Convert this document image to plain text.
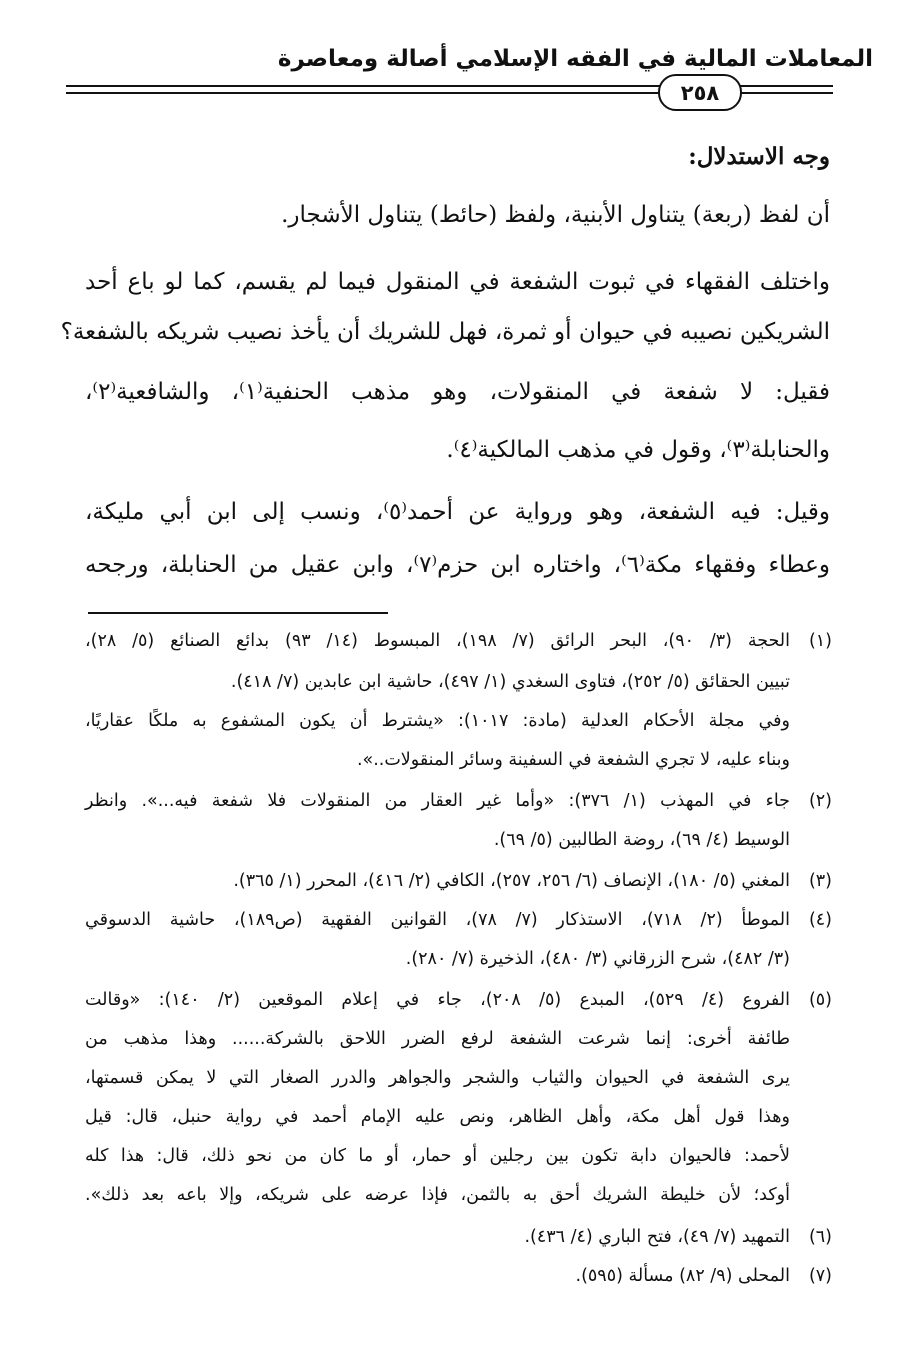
المعاملات المالية في الفقه الإسلامي أصالة ومعاصرة
٢٥٨
وجه الاستدلال:
أن لفظ (ربعة) يتناول الأبنية، ولفظ (حائط) يتناول الأشجار.
واختلف الفقهاء في ثبوت الشفعة في المنقول فيما لم يقسم، كما لو باع أحد
الشريكين نصيبه في حيوان أو ثمرة، فهل للشريك أن يأخذ نصيب شريكه بالشفعة؟
فقيل: لا شفعة في المنقولات، وهو مذهب الحنفية⁽١⁾، والشافعية⁽٢⁾،
والحنابلة⁽٣⁾، وقول في مذهب المالكية⁽٤⁾.
وقيل: فيه الشفعة، وهو ورواية عن أحمد⁽٥⁾، ونسب إلى ابن أبي مليكة،
وعطاء وفقهاء مكة⁽٦⁾، واختاره ابن حزم⁽٧⁾، وابن عقيل من الحنابلة، ورجحه
(١)
الحجة (٣/ ٩٠)، البحر الرائق (٧/ ١٩٨)، المبسوط (١٤/ ٩٣) بدائع الصنائع (٥/ ٢٨)،
تبيين الحقائق (٥/ ٢٥٢)، فتاوى السغدي (١/ ٤٩٧)، حاشية ابن عابدين (٧/ ٤١٨).
وفي مجلة الأحكام العدلية (مادة: ١٠١٧): «يشترط أن يكون المشفوع به ملكًا عقاريًا،
وبناء عليه، لا تجري الشفعة في السفينة وسائر المنقولات..».
(٢)
جاء في المهذب (١/ ٣٧٦): «وأما غير العقار من المنقولات فلا شفعة فيه...». وانظر
الوسيط (٤/ ٦٩)، روضة الطالبين (٥/ ٦٩).
(٣)
المغني (٥/ ١٨٠)، الإنصاف (٦/ ٢٥٦، ٢٥٧)، الكافي (٢/ ٤١٦)، المحرر (١/ ٣٦٥).
(٤)
الموطأ (٢/ ٧١٨)، الاستذكار (٧/ ٧٨)، القوانين الفقهية (ص١٨٩)، حاشية الدسوقي
(٣/ ٤٨٢)، شرح الزرقاني (٣/ ٤٨٠)، الذخيرة (٧/ ٢٨٠).
(٥)
الفروع (٤/ ٥٢٩)، المبدع (٥/ ٢٠٨)، جاء في إعلام الموقعين (٢/ ١٤٠): «وقالت
طائفة أخرى: إنما شرعت الشفعة لرفع الضرر اللاحق بالشركة...... وهذا مذهب من
يرى الشفعة في الحيوان والثياب والشجر والجواهر والدرر الصغار التي لا يمكن قسمتها،
وهذا قول أهل مكة، وأهل الظاهر، ونص عليه الإمام أحمد في رواية حنبل، قال: قيل
لأحمد: فالحيوان دابة تكون بين رجلين أو حمار، أو ما كان من نحو ذلك، قال: هذا كله
أوكد؛ لأن خليطة الشريك أحق به بالثمن، فإذا عرضه على شريكه، وإلا باعه بعد ذلك».
(٦)
التمهيد (٧/ ٤٩)، فتح الباري (٤/ ٤٣٦).
(٧)
المحلى (٩/ ٨٢) مسألة (٥٩٥).
